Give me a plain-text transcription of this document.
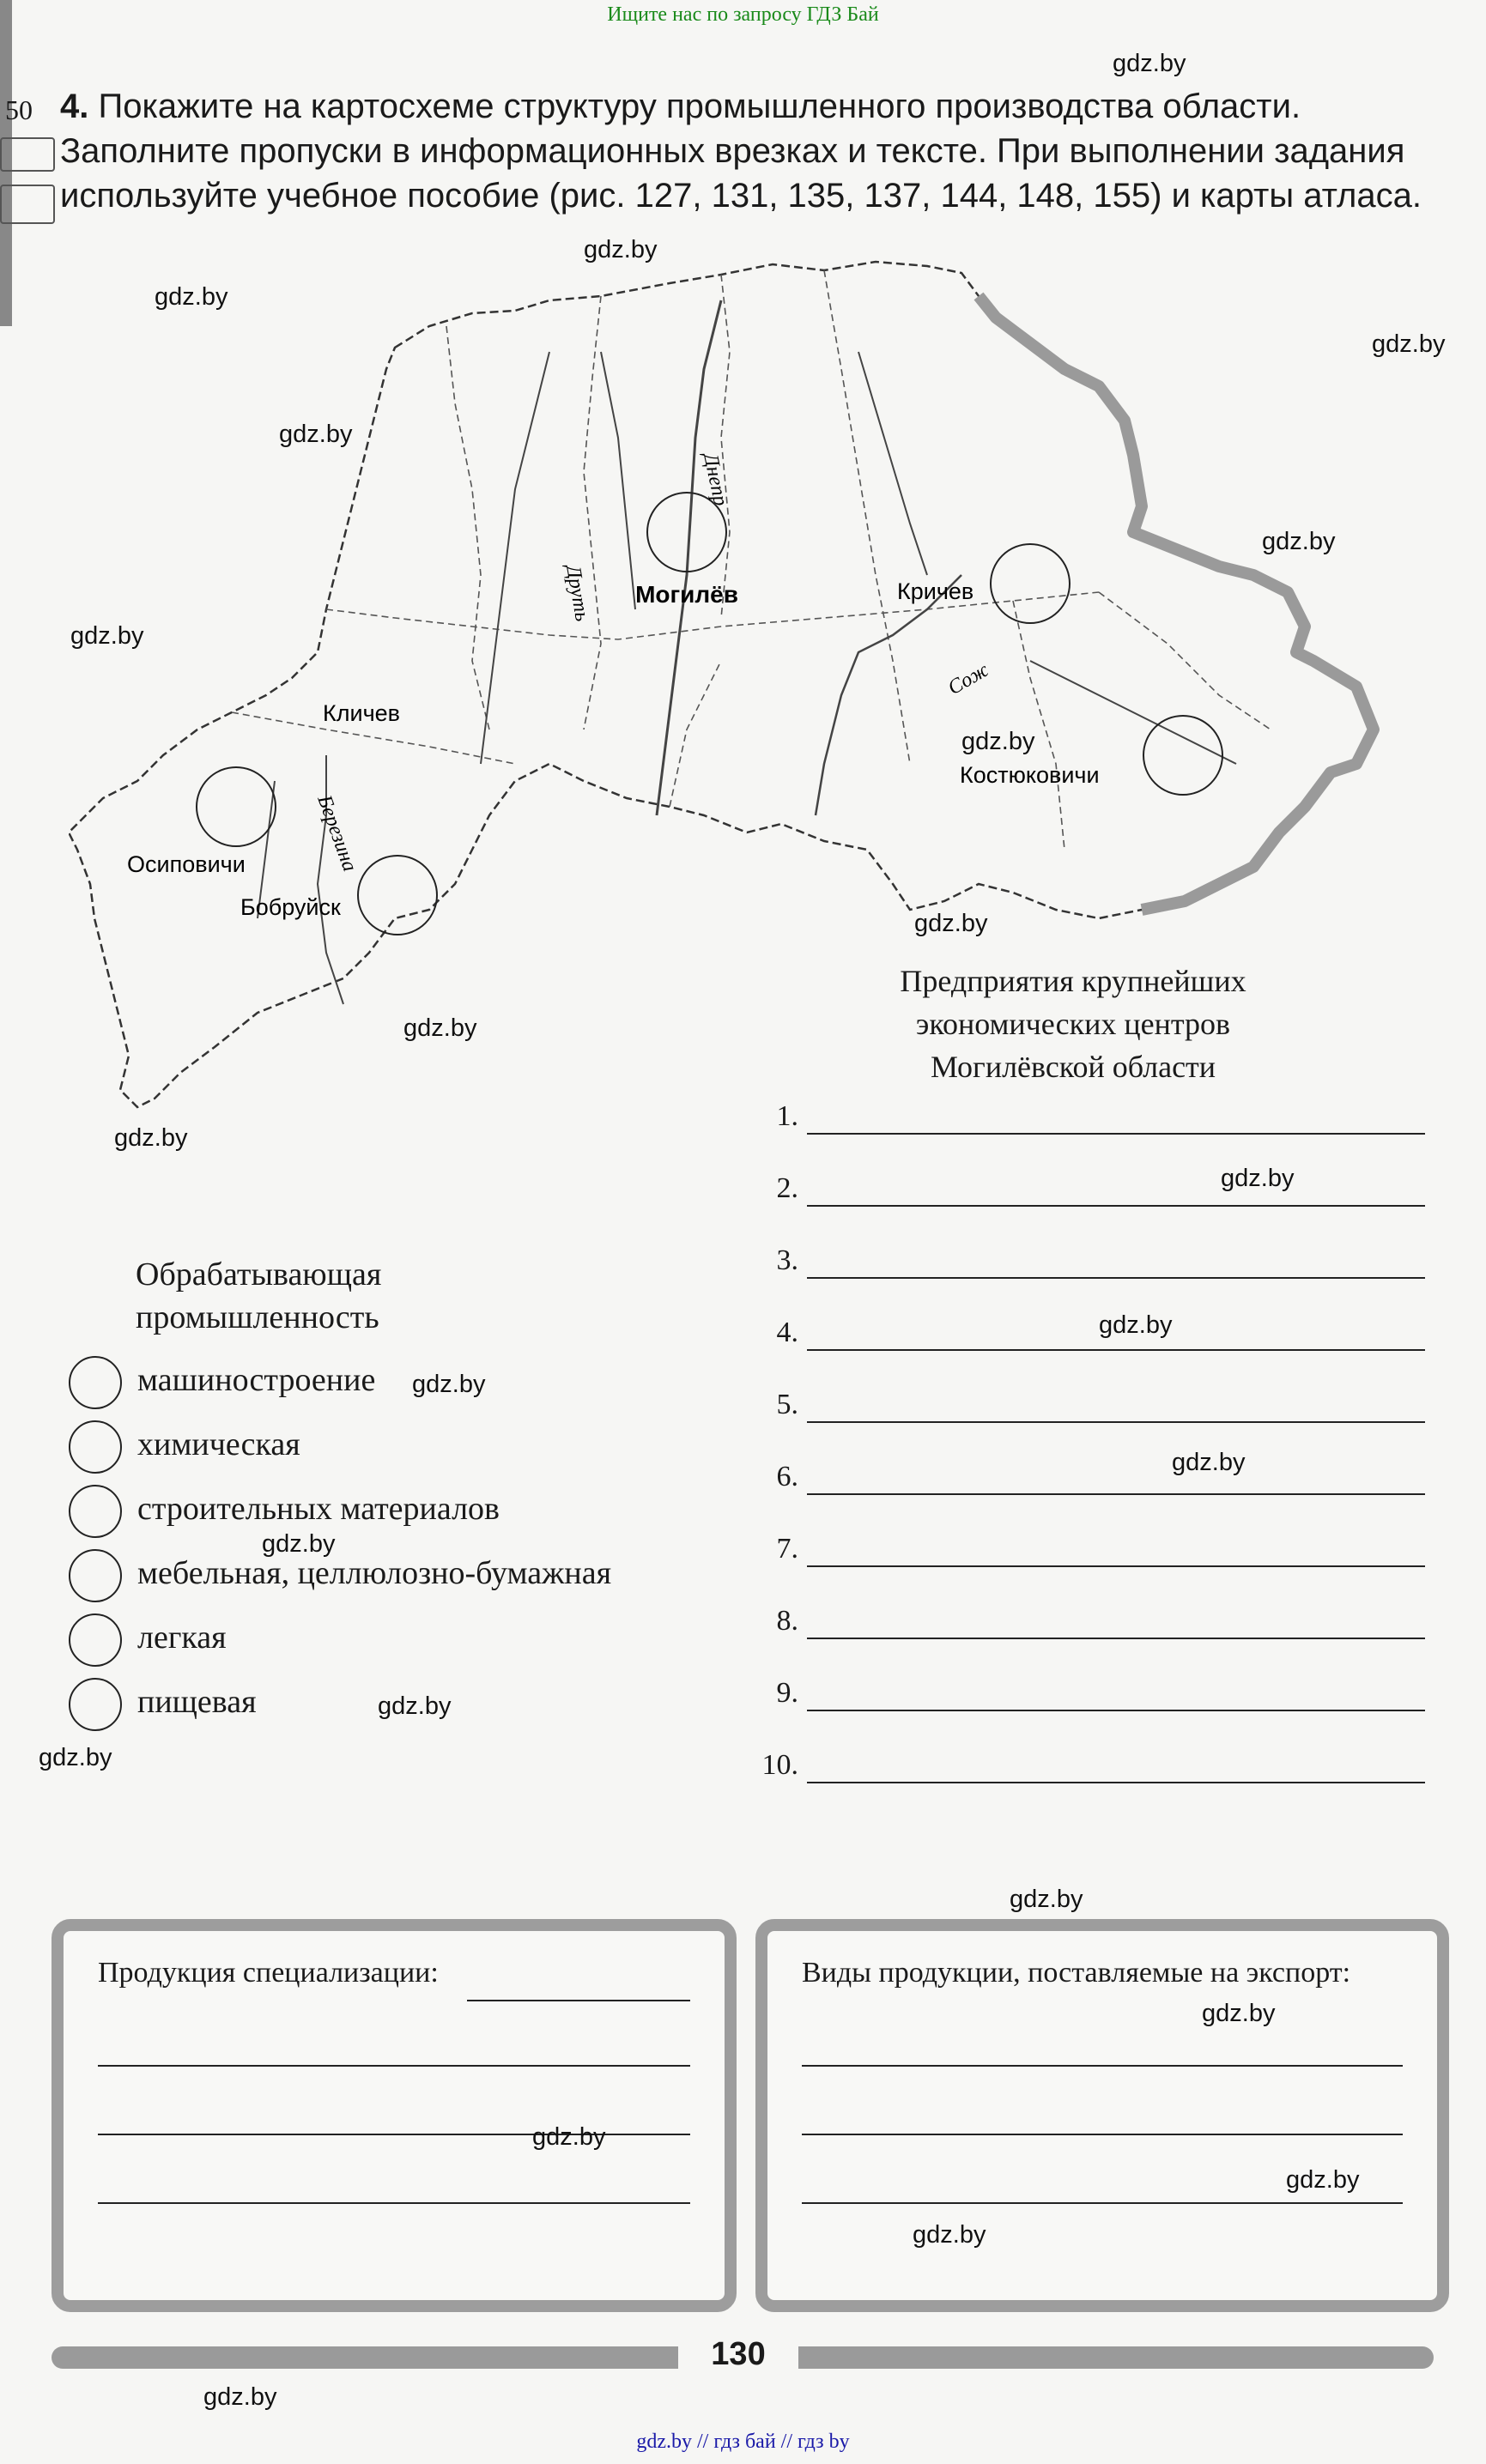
Ищите нас по запросу ГДЗ Бай
50 4. Покажите на картосхеме структуру промышленного производства области. Заполните пропуски в информационных врезках и тексте. При выполнении задания используйте учебное пособие (рис. 127, 131, 135, 137, 144, 148, 155) и карты атласа.
Могилёв	Кричев
Костюковичи
Кличев
Осиповичи
Бобруйск
Днепр
Друть
Сож
Березина
Предприятия крупнейших
экономических центров
Могилёвской области
1.
2.
3.
4.
5.
6.
7.
8.
9.
10.
Обрабатывающая
промышленность
машиностроение
химическая
строительных материалов
мебельная, целлюлозно-бумажная
легкая
пищевая
Продукция специализации:	Виды продукции, поставляемые на экспорт:
130
gdz.by // гдз бай // гдз by
gdz.by
gdz.by
gdz.by
gdz.by
gdz.by
gdz.by
gdz.by
gdz.by
gdz.by
gdz.by
gdz.by
gdz.by
gdz.by
gdz.by
gdz.by
gdz.by
gdz.by
gdz.by
gdz.by
gdz.by
gdz.by
gdz.by
gdz.by
gdz.by
